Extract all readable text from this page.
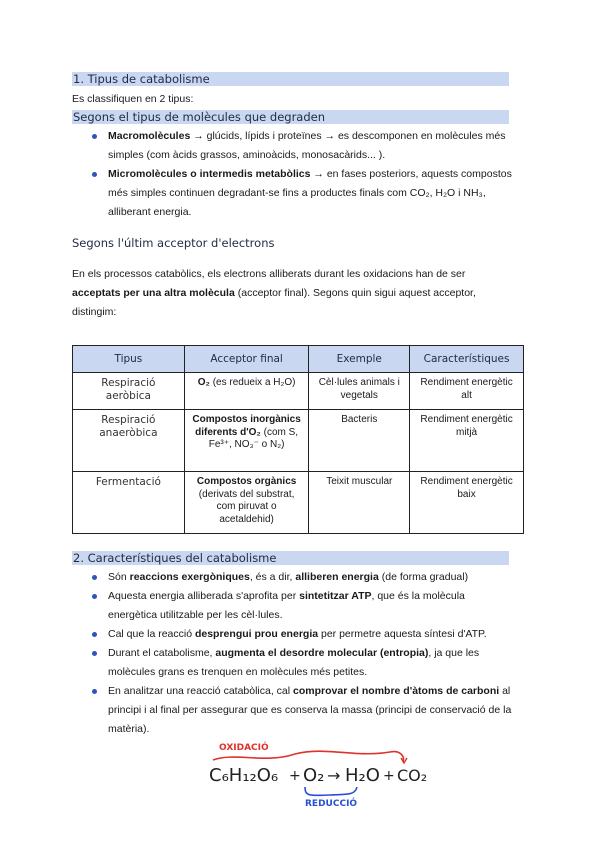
1. Tipus de catabolisme
Es classifiquen en 2 tipus:
Segons el tipus de molècules que degraden
Macromolècules → glúcids, lípids i proteïnes → es descomponen en molècules més simples (com àcids grassos, aminoàcids, monosacàrids... ).
Micromolècules o intermedis metabòlics → en fases posteriors, aquests compostos més simples continuen degradant-se fins a productes finals com CO₂, H₂O i NH₃, alliberant energia.
Segons l'últim acceptor d'electrons
En els processos catabòlics, els electrons alliberats durant les oxidacions han de ser acceptats per una altra molècula (acceptor final). Segons quin sigui aquest acceptor, distingim:
Tipus	Acceptor final	Exemple	Característiques
Respiració aeròbica	O₂ (es redueix a H₂O)	Cèl·lules animals i vegetals	Rendiment energètic alt
Respiració anaeròbica	Compostos inorgànics diferents d'O₂ (com S, Fe³⁺, NO₃⁻ o N₂)	Bacteris	Rendiment energètic mitjà
Fermentació	Compostos orgànics (derivats del substrat, com piruvat o acetaldehid)	Teixit muscular	Rendiment energètic baix
2. Característiques del catabolisme
Són reaccions exergòniques, és a dir, alliberen energia (de forma gradual)
Aquesta energia alliberada s'aprofita per sintetitzar ATP, que és la molècula energètica utilitzable per les cèl·lules.
Cal que la reacció desprengui prou energia per permetre aquesta síntesi d'ATP.
Durant el catabolisme, augmenta el desordre molecular (entropia), ja que les molècules grans es trenquen en molècules més petites.
En analitzar una reacció catabòlica, cal comprovar el nombre d'àtoms de carboni al principi i al final per assegurar que es conserva la massa (principi de conservació de la matèria).
OXIDACIÓ
C₆H₁₂O₆ + O₂ → H₂O + CO₂
REDUCCIÓ
